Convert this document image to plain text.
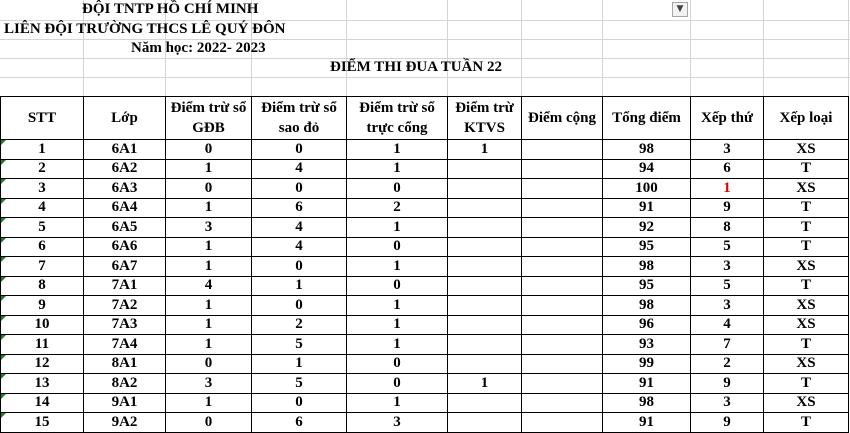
ĐỘI TNTP HỒ CHÍ MINH
LIÊN ĐỘI TRƯỜNG THCS LÊ QUÝ ĐÔN
Năm học: 2022- 2023
ĐIỂM THI ĐUA TUẦN 22
▼
STT	Lớp	Điểm trừ sổ GĐB	Điểm trừ sổ sao đỏ	Điểm trừ sổ trực cổng	Điểm trừ KTVS	Điểm cộng	Tổng điểm	Xếp thứ	Xếp loại

1	6A1	0	0	1	1		98	3	XS

2	6A2	1	4	1			94	6	T

3	6A3	0	0	0			100	1	XS

4	6A4	1	6	2			91	9	T

5	6A5	3	4	1			92	8	T

6	6A6	1	4	0			95	5	T

7	6A7	1	0	1			98	3	XS

8	7A1	4	1	0			95	5	T

9	7A2	1	0	1			98	3	XS

10	7A3	1	2	1			96	4	XS

11	7A4	1	5	1			93	7	T

12	8A1	0	1	0			99	2	XS

13	8A2	3	5	0	1		91	9	T

14	9A1	1	0	1			98	3	XS

15	9A2	0	6	3			91	9	T
